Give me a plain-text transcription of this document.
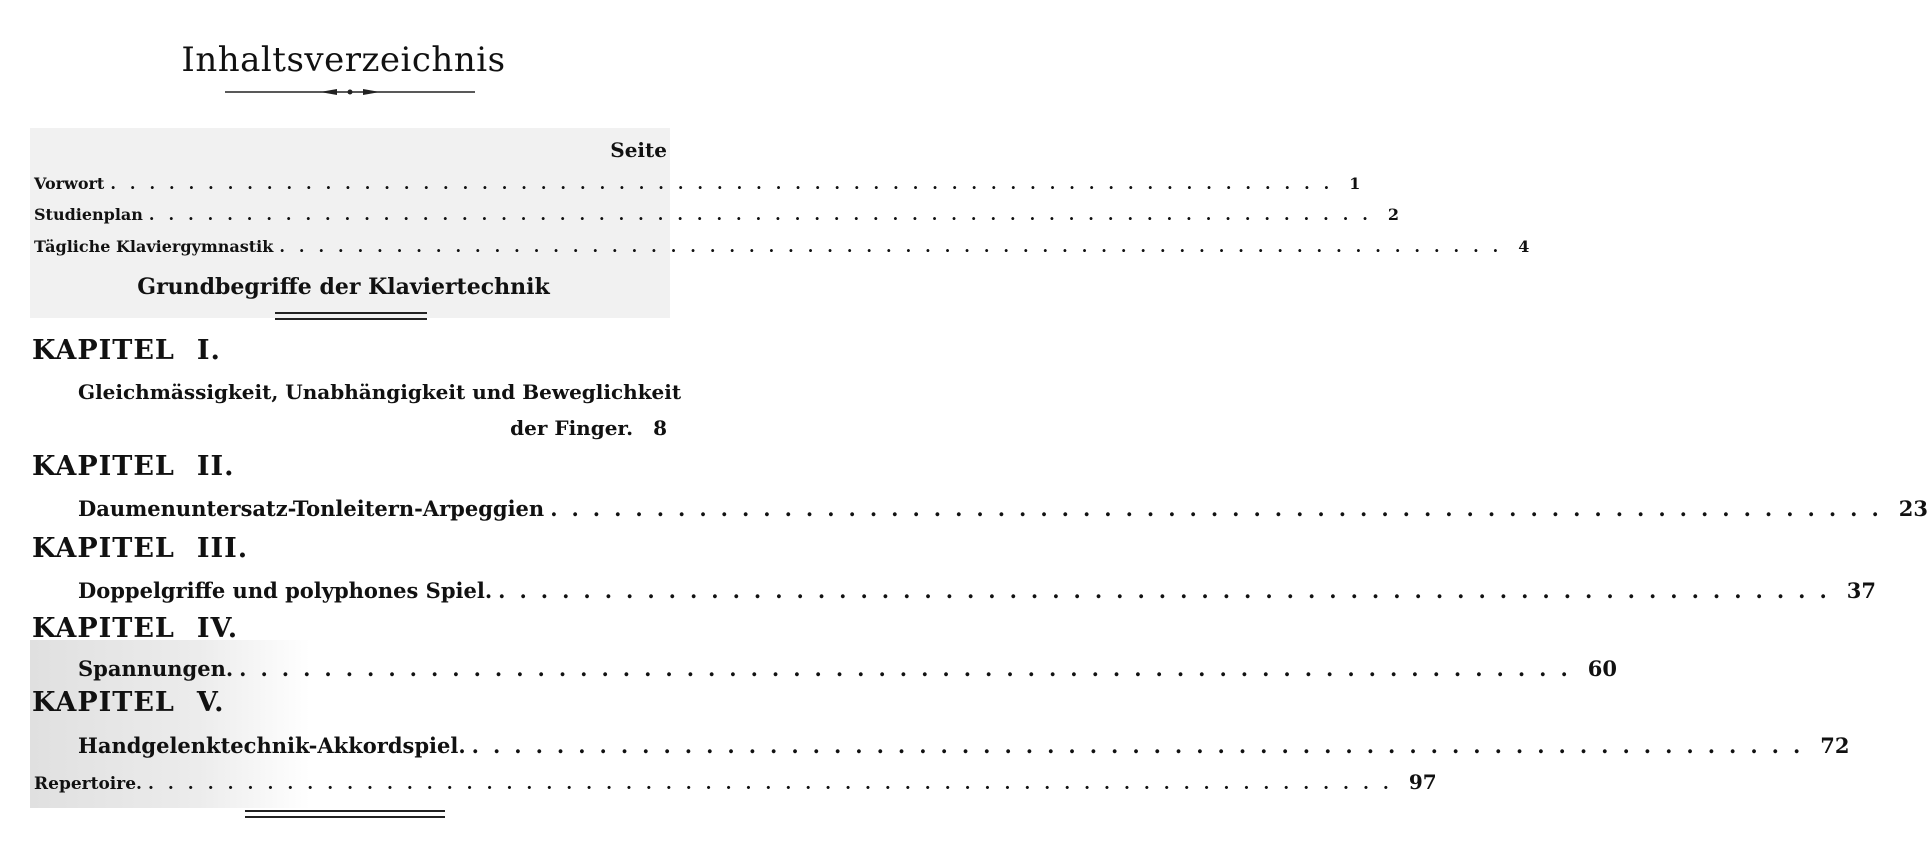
Inhaltsverzeichnis
Seite
Vorwort ............................................................... 1
Studienplan ............................................................... 2
Tägliche Klaviergymnastik ............................................................... 4
Grundbegriffe der Klaviertechnik
KAPITEL I.
Gleichmässigkeit, Unabhängigkeit und Beweglichkeit
der Finger. 8
KAPITEL II.
Daumenuntersatz-Tonleitern-Arpeggien ............................................................... 23
KAPITEL III.
Doppelgriffe und polyphones Spiel. ............................................................... 37
KAPITEL IV.
Spannungen. ............................................................... 60
KAPITEL V.
Handgelenktechnik-Akkordspiel. ............................................................... 72
Repertoire. ............................................................... 97
